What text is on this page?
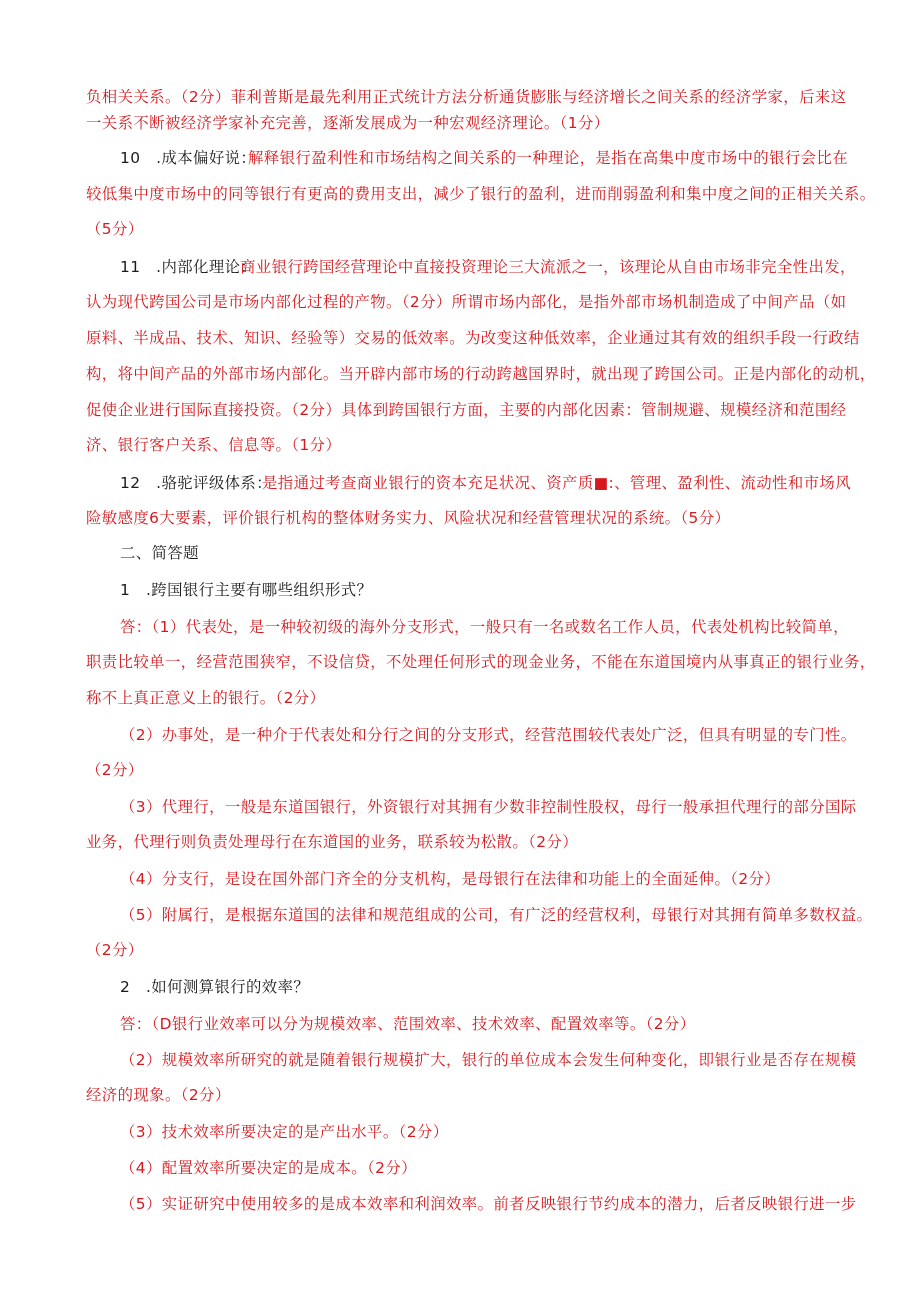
负相关关系。（2分）菲利普斯是最先利用正式统计方法分析通货膨胀与经济增长之间关系的经济学家，后来这
一关系不断被经济学家补充完善，逐渐发展成为一种宏观经济理论。（1分）
10　.成本偏好说：
解释银行盈利性和市场结构之间关系的一种理论，是指在高集中度市场中的银行会比在
较低集中度市场中的同等银行有更高的费用支出，减少了银行的盈利，进而削弱盈利和集中度之间的正相关关系。
（5分）
11　.内部化理论：
商业银行跨国经营理论中直接投资理论三大流派之一，该理论从自由市场非完全性出发，
认为现代跨国公司是市场内部化过程的产物。（2分）所谓市场内部化，是指外部市场机制造成了中间产品（如
原料、半成品、技术、知识、经验等）交易的低效率。为改变这种低效率，企业通过其有效的组织手段一行政结
构，将中间产品的外部市场内部化。当开辟内部市场的行动跨越国界时，就出现了跨国公司。正是内部化的动机，
促使企业进行国际直接投资。（2分）具体到跨国银行方面，主要的内部化因素：管制规避、规模经济和范围经
济、银行客户关系、信息等。（1分）
12　.骆驼评级体系：
是指通过考查商业银行的资本充足状况、资产质■:、管理、盈利性、流动性和市场风
险敏感度6大要素，评价银行机构的整体财务实力、风险状况和经营管理状况的系统。（5分）
二、简答题
1　.跨国银行主要有哪些组织形式？
答：（1）代表处，是一种较初级的海外分支形式，一般只有一名或数名工作人员，代表处机构比较简单，
职责比较单一，经营范围狭窄，不设信贷，不处理任何形式的现金业务，不能在东道国境内从事真正的银行业务，
称不上真正意义上的银行。（2分）
（2）办事处，是一种介于代表处和分行之间的分支形式，经营范围较代表处广泛，但具有明显的专门性。
（2分）
（3）代理行，一般是东道国银行，外资银行对其拥有少数非控制性股权，母行一般承担代理行的部分国际
业务，代理行则负责处理母行在东道国的业务，联系较为松散。（2分）
（4）分支行，是设在国外部门齐全的分支机构，是母银行在法律和功能上的全面延伸。（2分）
（5）附属行，是根据东道国的法律和规范组成的公司，有广泛的经营权利，母银行对其拥有简单多数权益。
（2分）
2　.如何测算银行的效率？
答：（D银行业效率可以分为规模效率、范围效率、技术效率、配置效率等。（2分）
（2）规模效率所研究的就是随着银行规模扩大，银行的单位成本会发生何种变化，即银行业是否存在规模
经济的现象。（2分）
（3）技术效率所要决定的是产出水平。（2分）
（4）配置效率所要决定的是成本。（2分）
（5）实证研究中使用较多的是成本效率和利润效率。前者反映银行节约成本的潜力，后者反映银行进一步
